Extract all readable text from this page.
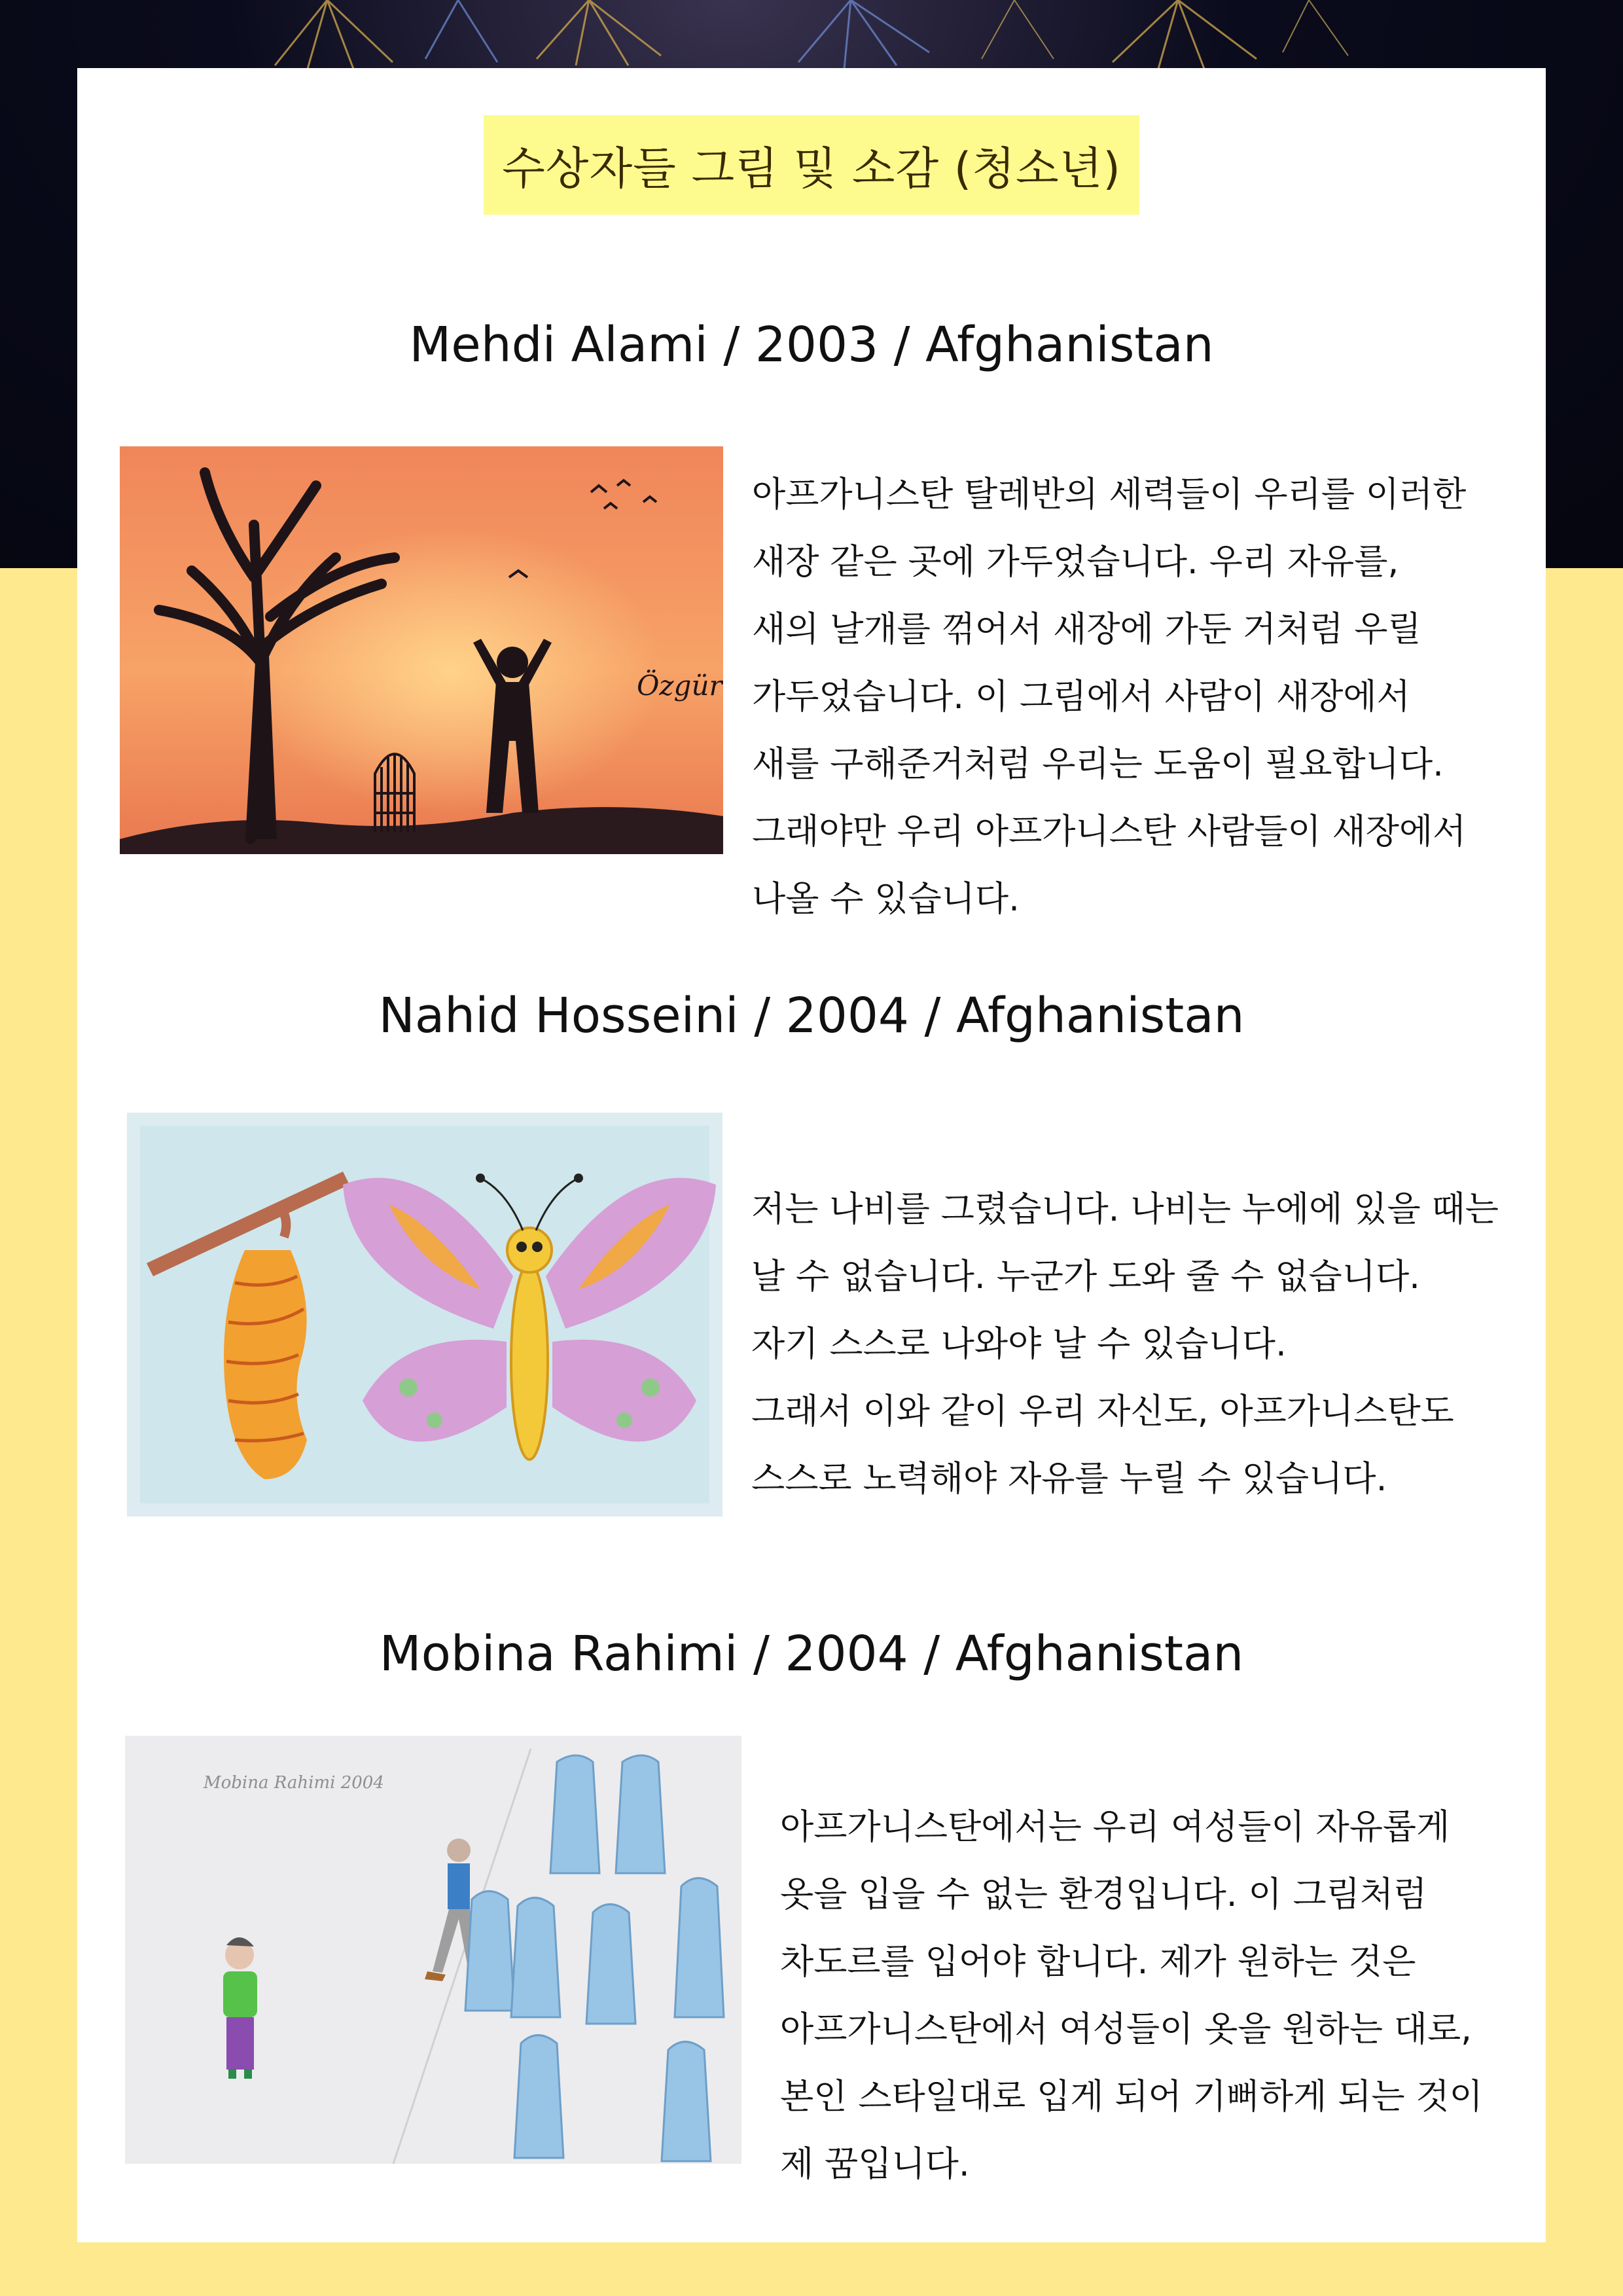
수상자들 그림 및 소감 (청소년)
Mehdi Alami / 2003 / Afghanistan
Özgür

아프가니스탄 탈레반의 세력들이 우리를 이러한
새장 같은 곳에 가두었습니다. 우리 자유를,
새의 날개를 꺾어서 새장에 가둔 거처럼 우릴
가두었습니다. 이 그림에서 사람이 새장에서
새를 구해준거처럼 우리는 도움이 필요합니다.
그래야만 우리 아프가니스탄 사람들이 새장에서
나올 수 있습니다.

Nahid Hosseini / 2004 / Afghanistan

저는 나비를 그렸습니다. 나비는 누에에 있을 때는
날 수 없습니다. 누군가 도와 줄 수 없습니다.
자기 스스로 나와야 날 수 있습니다.
그래서 이와 같이 우리 자신도, 아프가니스탄도
스스로 노력해야 자유를 누릴 수 있습니다.

Mobina Rahimi / 2004 / Afghanistan
Mobina Rahimi 2004

아프가니스탄에서는 우리 여성들이 자유롭게
옷을 입을 수 없는 환경입니다. 이 그림처럼
차도르를 입어야 합니다. 제가 원하는 것은
아프가니스탄에서 여성들이 옷을 원하는 대로,
본인 스타일대로 입게 되어 기뻐하게 되는 것이
제 꿈입니다.
